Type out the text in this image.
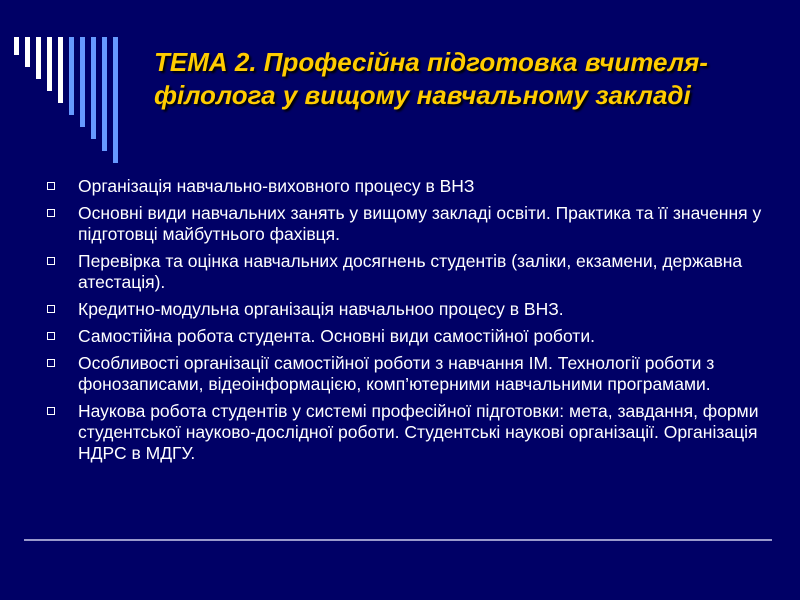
ТЕМА 2. Професійна підготовка вчителя-філолога у вищому навчальному закладі
Організація навчально-виховного процесу в ВНЗ
Основні види навчальних занять у вищому закладі освіти. Практика та її значення у підготовці майбутнього фахівця.
Перевірка та оцінка навчальних досягнень студентів (заліки, екзамени, державна атестація).
Кредитно-модульна організація навчальноо процесу в ВНЗ.
Самостійна робота студента. Основні види самостійної роботи.
Особливості організації самостійної роботи з навчання ІМ. Технології роботи з фонозаписами, відеоінформацією, комп’ютерними навчальними програмами.
Наукова робота студентів у системі професійної підготовки: мета, завдання, форми студентської науково-дослідної роботи. Студентські наукові організації. Організація НДРС в МДГУ.
